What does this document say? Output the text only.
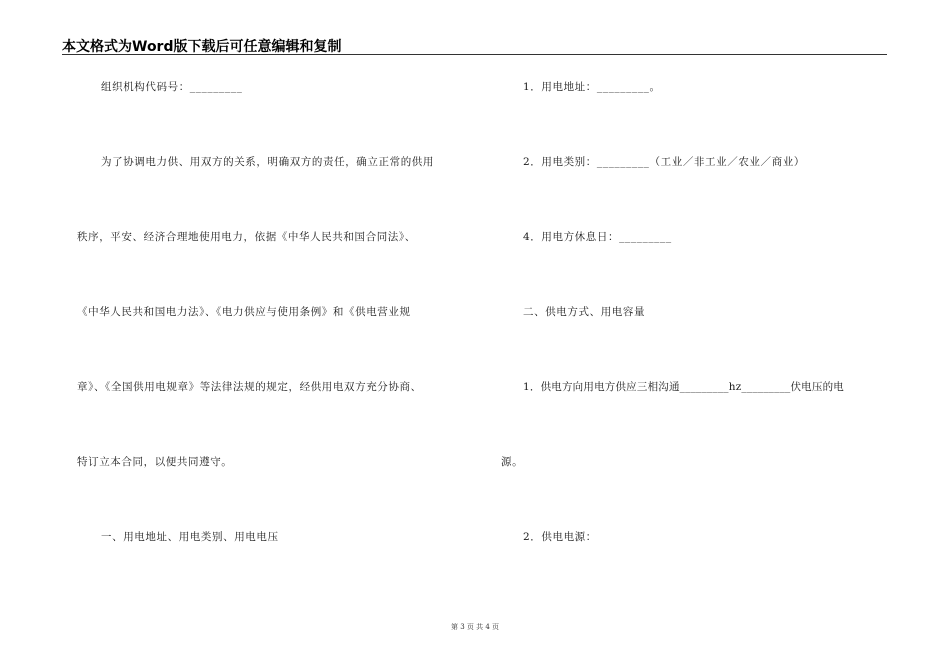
本文格式为Word版下载后可任意编辑和复制
组织机构代码号：_________
为了协调电力供、用双方的关系，明确双方的责任，确立正常的供用
秩序，平安、经济合理地使用电力，依据《中华人民共和国合同法》、
《中华人民共和国电力法》、《电力供应与使用条例》和《供电营业规
章》、《全国供用电规章》等法律法规的规定，经供用电双方充分协商、
特订立本合同，以便共同遵守。
一、用电地址、用电类别、用电电压
1．用电地址：_________。
2．用电类别：_________（工业／非工业／农业／商业）
4．用电方休息日：_________
二、供电方式、用电容量
1．供电方向用电方供应三相沟通_________hz_________伏电压的电
源。
2．供电电源：
第 3 页 共 4 页
